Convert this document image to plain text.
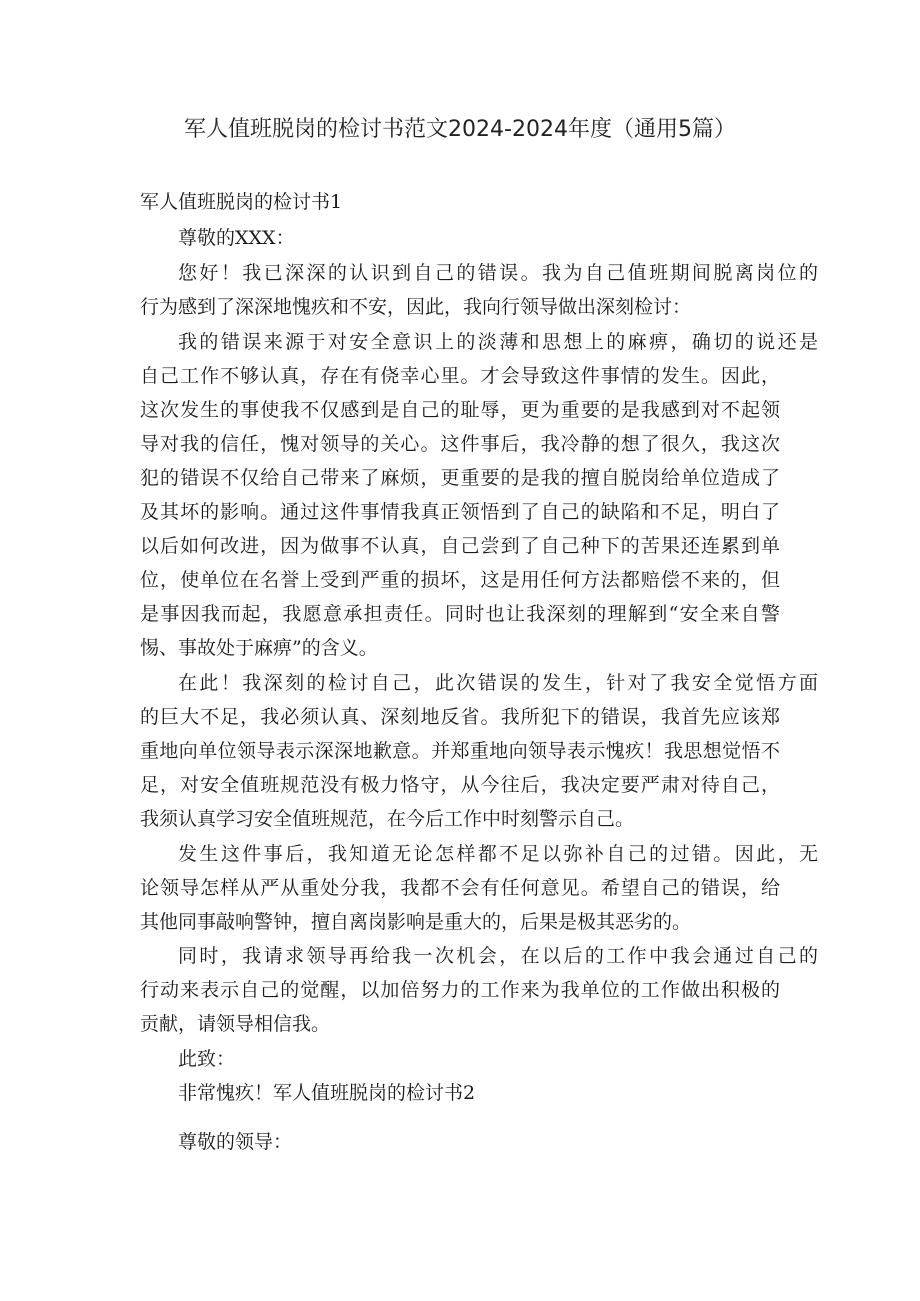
军人值班脱岗的检讨书范文2024-2024年度（通用5篇）
军人值班脱岗的检讨书1
尊敬的XXX：
您好！我已深深的认识到自己的错误。我为自己值班期间脱离岗位的
行为感到了深深地愧疚和不安，因此，我向行领导做出深刻检讨：
我的错误来源于对安全意识上的淡薄和思想上的麻痹，确切的说还是
自己工作不够认真，存在有侥幸心里。才会导致这件事情的发生。因此，
这次发生的事使我不仅感到是自己的耻辱，更为重要的是我感到对不起领
导对我的信任，愧对领导的关心。这件事后，我冷静的想了很久，我这次
犯的错误不仅给自己带来了麻烦，更重要的是我的擅自脱岗给单位造成了
及其坏的影响。通过这件事情我真正领悟到了自己的缺陷和不足，明白了
以后如何改进，因为做事不认真，自己尝到了自己种下的苦果还连累到单
位，使单位在名誉上受到严重的损坏，这是用任何方法都赔偿不来的，但
是事因我而起，我愿意承担责任。同时也让我深刻的理解到“安全来自警
惕、事故处于麻痹”的含义。
在此！我深刻的检讨自己，此次错误的发生，针对了我安全觉悟方面
的巨大不足，我必须认真、深刻地反省。我所犯下的错误，我首先应该郑
重地向单位领导表示深深地歉意。并郑重地向领导表示愧疚！我思想觉悟不
足，对安全值班规范没有极力恪守，从今往后，我决定要严肃对待自己，
我须认真学习安全值班规范，在今后工作中时刻警示自己。
发生这件事后，我知道无论怎样都不足以弥补自己的过错。因此，无
论领导怎样从严从重处分我，我都不会有任何意见。希望自己的错误，给
其他同事敲响警钟，擅自离岗影响是重大的，后果是极其恶劣的。
同时，我请求领导再给我一次机会，在以后的工作中我会通过自己的
行动来表示自己的觉醒，以加倍努力的工作来为我单位的工作做出积极的
贡献，请领导相信我。
此致：
非常愧疚！军人值班脱岗的检讨书2
尊敬的领导：
